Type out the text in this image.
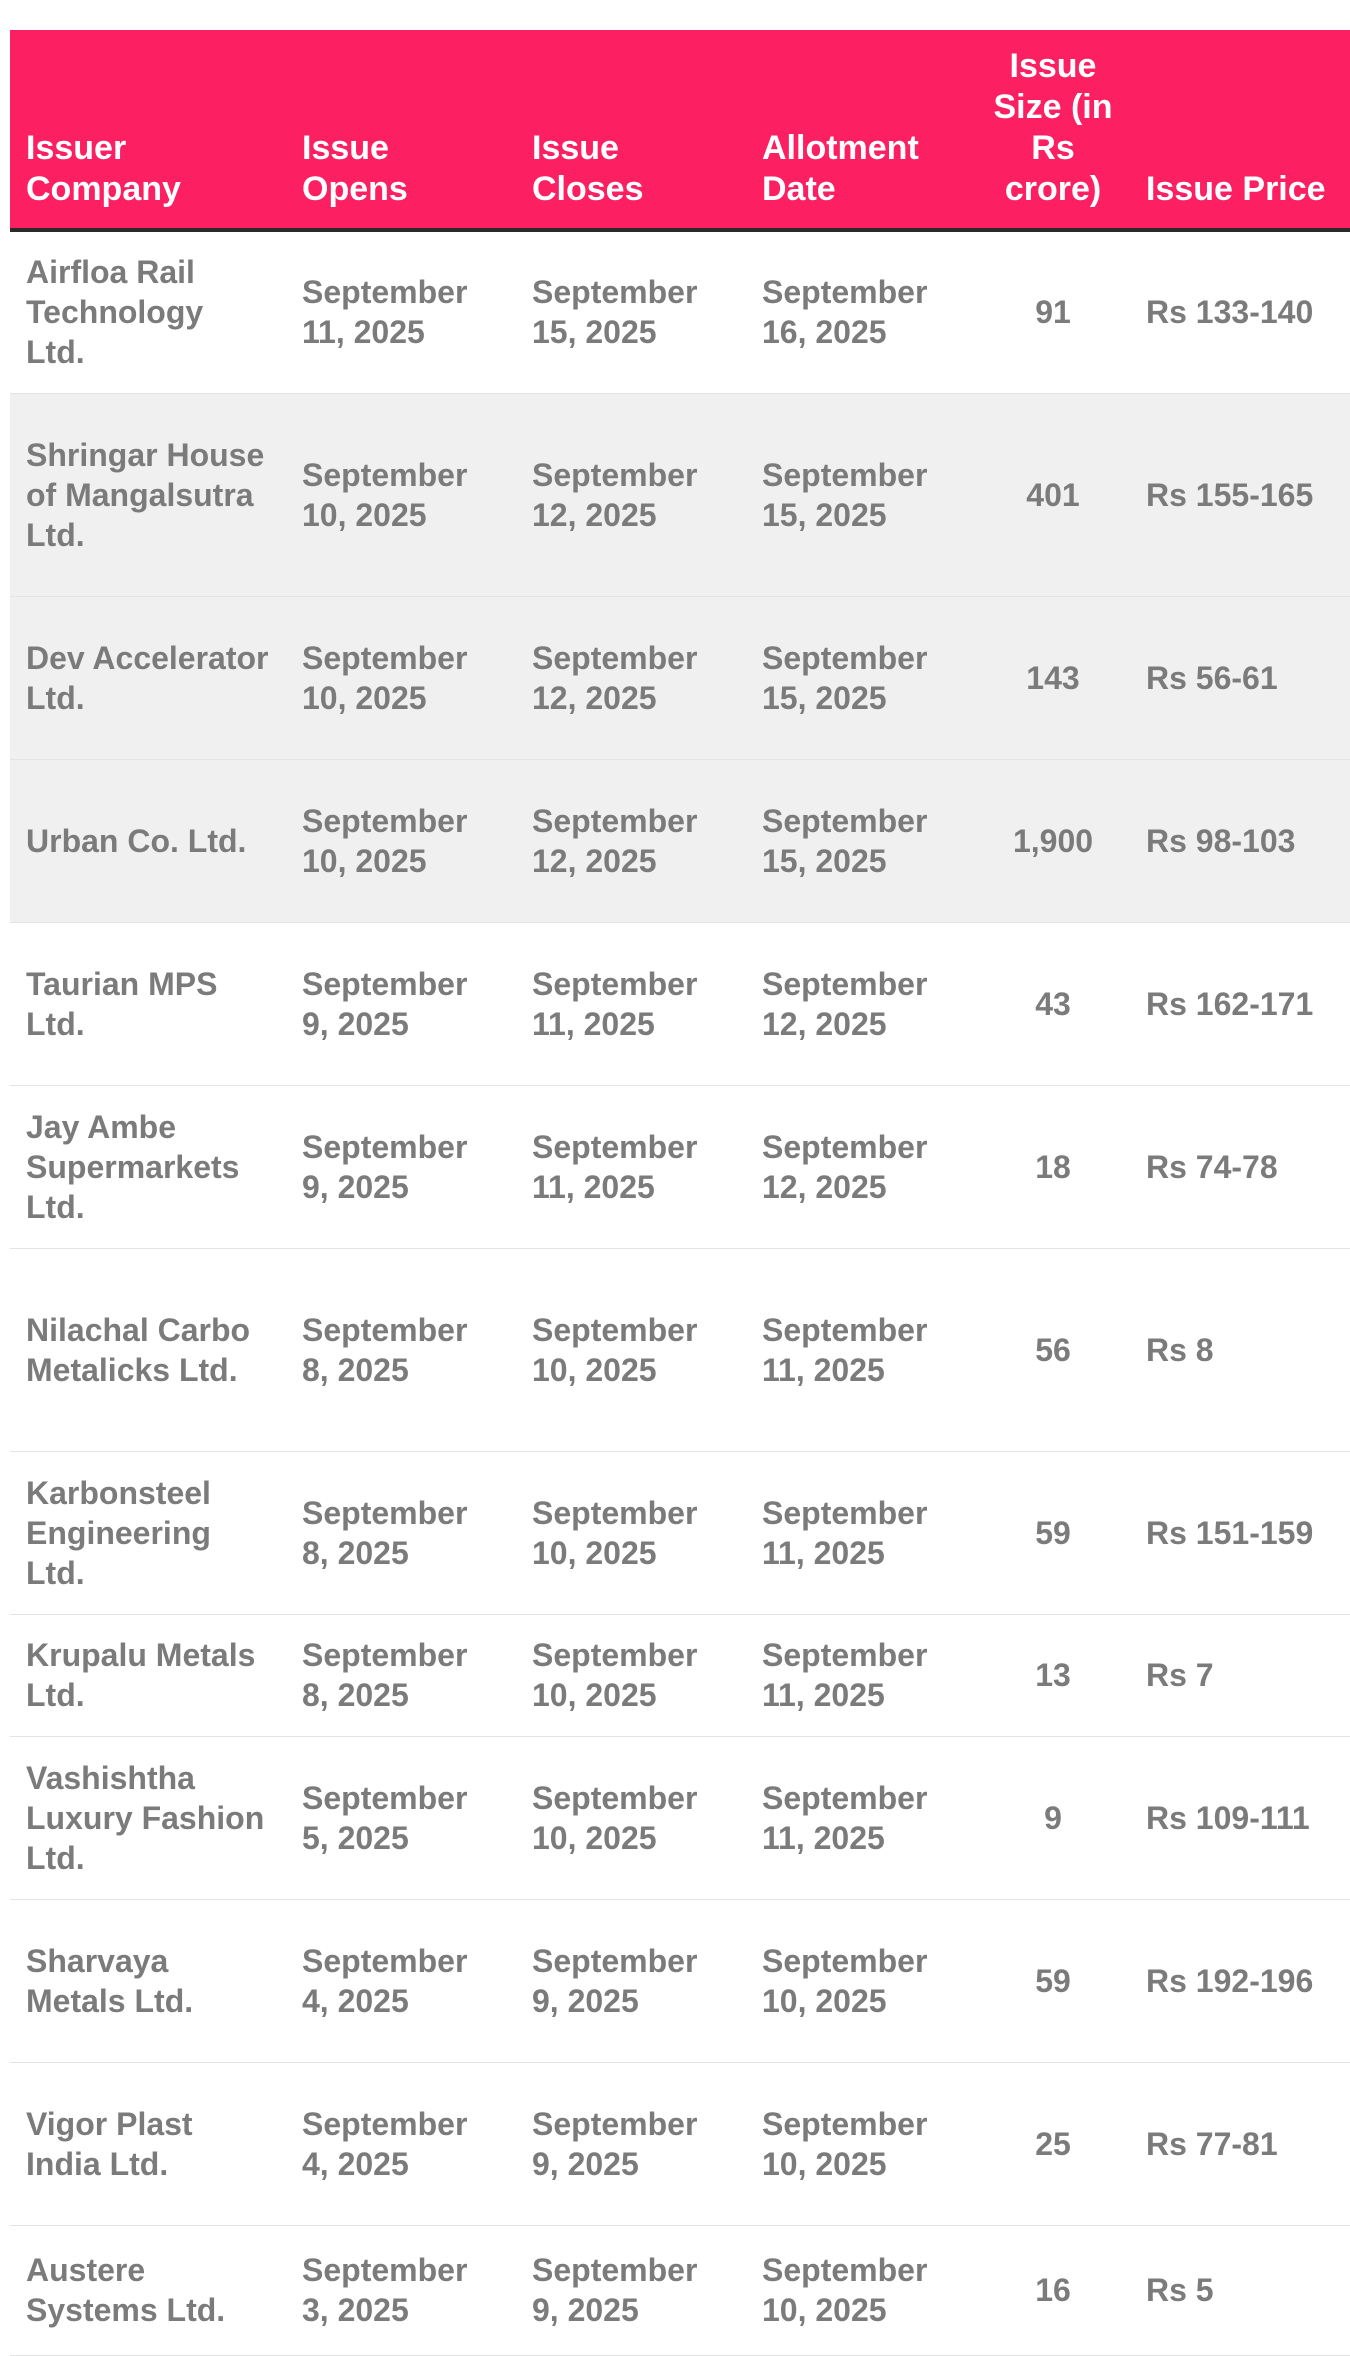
Issuer Company	Issue Opens	Issue Closes	Allotment Date	Issue Size (in Rs crore)	Issue Price
Airfloa Rail Technology Ltd.	September 11, 2025	September 15, 2025	September 16, 2025	91	Rs 133-140
Shringar House of Mangalsutra Ltd.	September 10, 2025	September 12, 2025	September 15, 2025	401	Rs 155-165
Dev Accelerator Ltd.	September 10, 2025	September 12, 2025	September 15, 2025	143	Rs 56-61
Urban Co. Ltd.	September 10, 2025	September 12, 2025	September 15, 2025	1,900	Rs 98-103
Taurian MPS Ltd.	September 9, 2025	September 11, 2025	September 12, 2025	43	Rs 162-171
Jay Ambe Supermarkets Ltd.	September 9, 2025	September 11, 2025	September 12, 2025	18	Rs 74-78
Nilachal Carbo Metalicks Ltd.	September 8, 2025	September 10, 2025	September 11, 2025	56	Rs 8
Karbonsteel Engineering Ltd.	September 8, 2025	September 10, 2025	September 11, 2025	59	Rs 151-159
Krupalu Metals Ltd.	September 8, 2025	September 10, 2025	September 11, 2025	13	Rs 7
Vashishtha Luxury Fashion Ltd.	September 5, 2025	September 10, 2025	September 11, 2025	9	Rs 109-111
Sharvaya Metals Ltd.	September 4, 2025	September 9, 2025	September 10, 2025	59	Rs 192-196
Vigor Plast India Ltd.	September 4, 2025	September 9, 2025	September 10, 2025	25	Rs 77-81
Austere Systems Ltd.	September 3, 2025	September 9, 2025	September 10, 2025	16	Rs 5
